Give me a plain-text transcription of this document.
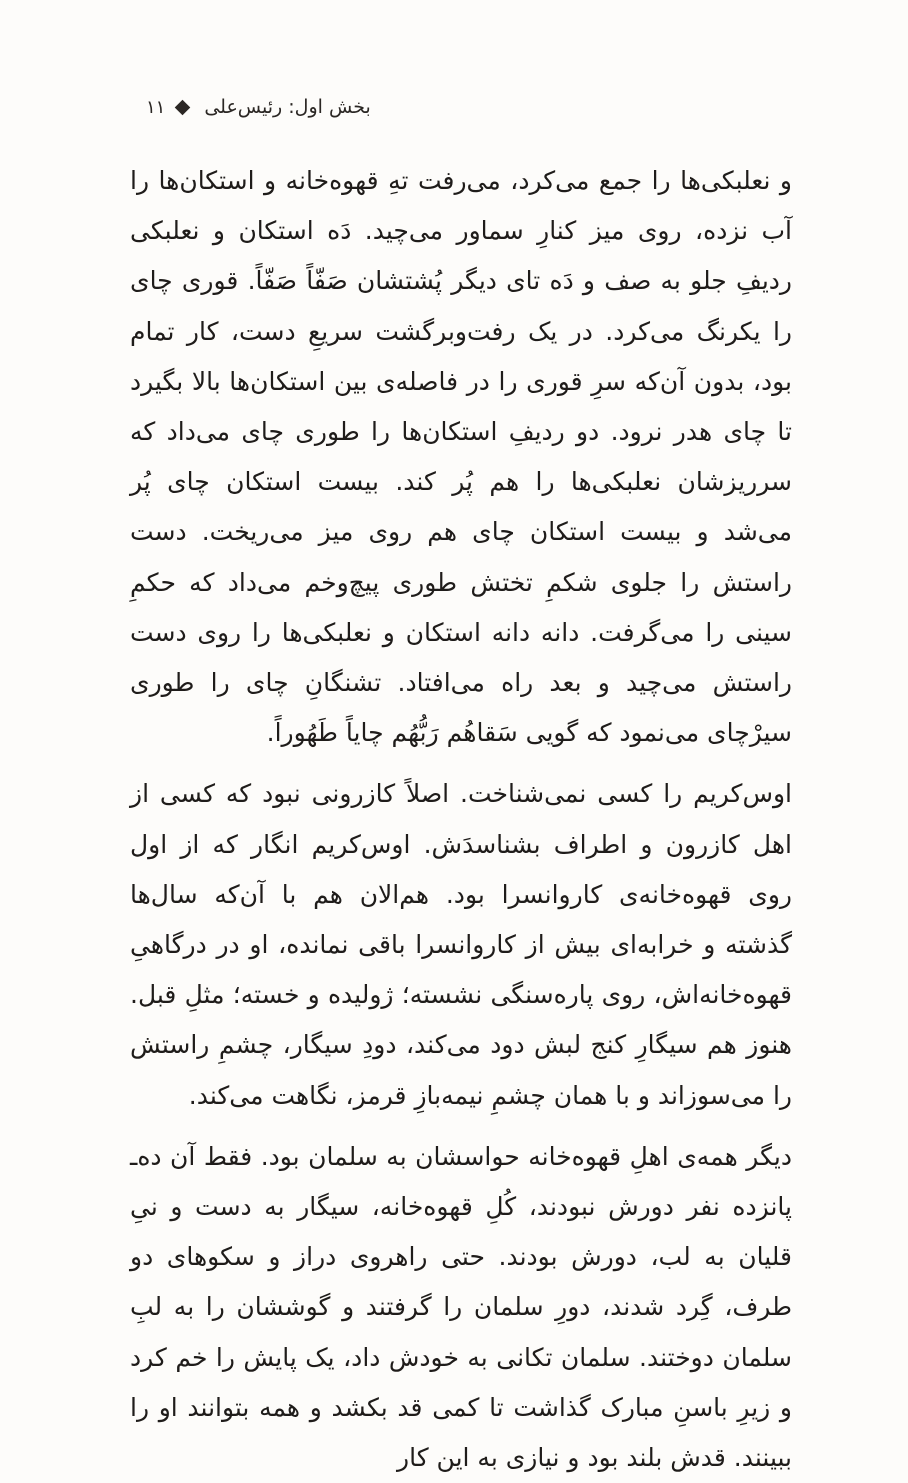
۱۱ بخش اول: رئیس‌علی

و نعلبکی‌ها را جمع می‌کرد، می‌رفت تهِ قهوه‌خانه و استکان‌ها را آب نزده، روی میز کنارِ سماور می‌چید. دَه استکان و نعلبکی ردیفِ جلو به صف و دَه تای دیگر پُشتشان صَفّاً صَفّاً. قوری چای را یکرنگ می‌کرد. در یک رفت‌وبرگشت سریعِ دست، کار تمام بود، بدون آن‌که سرِ قوری را در فاصله‌ی بین استکان‌ها بالا بگیرد تا چای هدر نرود. دو ردیفِ استکان‌ها را طوری چای می‌داد که سرریزشان نعلبکی‌ها را هم پُر کند. بیست استکان چای پُر می‌شد و بیست استکان چای هم روی میز می‌ریخت. دست راستش را جلوی شکمِ تختش طوری پیچ‌وخم می‌داد که حکمِ سینی را می‌گرفت. دانه دانه استکان و نعلبکی‌ها را روی دست راستش می‌چید و بعد راه می‌افتاد. تشنگانِ چای را طوری سیرْچای می‌نمود که گویی سَقاهُم رَبُّهُم چایاً طَهُوراً.

اوس‌کریم را کسی نمی‌شناخت. اصلاً کازرونی نبود که کسی از اهل کازرون و اطراف بشناسدَش. اوس‌کریم انگار که از اول روی قهوه‌خانه‌ی کاروانسرا بود. هم‌الان هم با آن‌که سال‌ها گذشته و خرابه‌ای بیش از کاروانسرا باقی نمانده، او در درگاهیِ قهوه‌خانه‌اش، روی پاره‌سنگی نشسته؛ ژولیده و خسته؛ مثلِ قبل. هنوز هم سیگارِ کنج لبش دود می‌کند، دودِ سیگار، چشمِ راستش را می‌سوزاند و با همان چشمِ نیمه‌بازِ قرمز، نگاهت می‌کند.

دیگر همه‌ی اهلِ قهوه‌خانه حواسشان به سلمان بود. فقط آن ده‌ـ پانزده نفر دورش نبودند، کُلِ قهوه‌خانه، سیگار به دست و نیِ قلیان به لب، دورش بودند. حتی راهروی دراز و سکوهای دو طرف، گِرد شدند، دورِ سلمان را گرفتند و گوششان را به لبِ سلمان دوختند. سلمان تکانی به خودش داد، یک پایش را خم کرد و زیرِ باسنِ مبارک گذاشت تا کمی قد بکشد و همه بتوانند او را ببینند. قدش بلند بود و نیازی به این کار
